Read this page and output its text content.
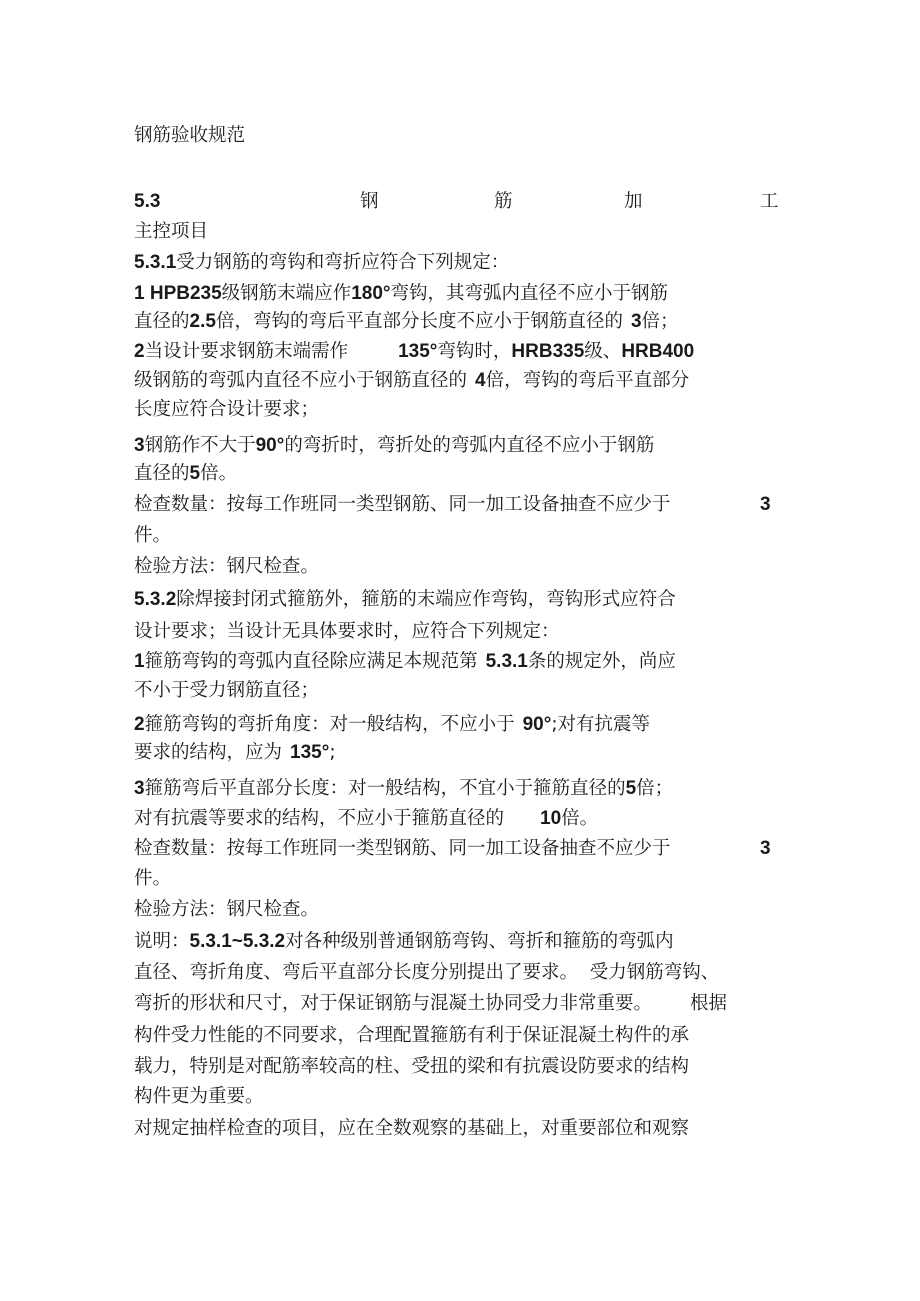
钢筋验收规范
5.3	钢	筋	加	工
主控项目
5.3.1受力钢筋的弯钩和弯折应符合下列规定：
1 HPB235级钢筋末端应作180°弯钩，其弯弧内直径不应小于钢筋
直径的2.5倍，弯钩的弯后平直部分长度不应小于钢筋直径的 3倍；
2当设计要求钢筋末端需作	135°弯钩时，HRB335级、HRB400
级钢筋的弯弧内直径不应小于钢筋直径的 4倍，弯钩的弯后平直部分
长度应符合设计要求；
3钢筋作不大于90°的弯折时，弯折处的弯弧内直径不应小于钢筋
直径的5倍。
检查数量：按每工作班同一类型钢筋、同一加工设备抽查不应少于	3
件。
检验方法：钢尺检查。
5.3.2除焊接封闭式箍筋外，箍筋的末端应作弯钩，弯钩形式应符合
设计要求；当设计无具体要求时，应符合下列规定：
1箍筋弯钩的弯弧内直径除应满足本规范第 5.3.1条的规定外，尚应
不小于受力钢筋直径；
2箍筋弯钩的弯折角度：对一般结构，不应小于 90°;对有抗震等
要求的结构，应为 135°;
3箍筋弯后平直部分长度：对一般结构，不宜小于箍筋直径的5倍；
对有抗震等要求的结构，不应小于箍筋直径的 10倍。
检查数量：按每工作班同一类型钢筋、同一加工设备抽查不应少于	3
件。
检验方法：钢尺检查。
说明：5.3.1~5.3.2对各种级别普通钢筋弯钩、弯折和箍筋的弯弧内
直径、弯折角度、弯后平直部分长度分别提出了要求。  受力钢筋弯钩、
弯折的形状和尺寸，对于保证钢筋与混凝土协同受力非常重要。 根据
构件受力性能的不同要求，合理配置箍筋有利于保证混凝土构件的承
载力，特别是对配筋率较高的柱、受扭的梁和有抗震设防要求的结构
构件更为重要。
对规定抽样检查的项目，应在全数观察的基础上，对重要部位和观察
